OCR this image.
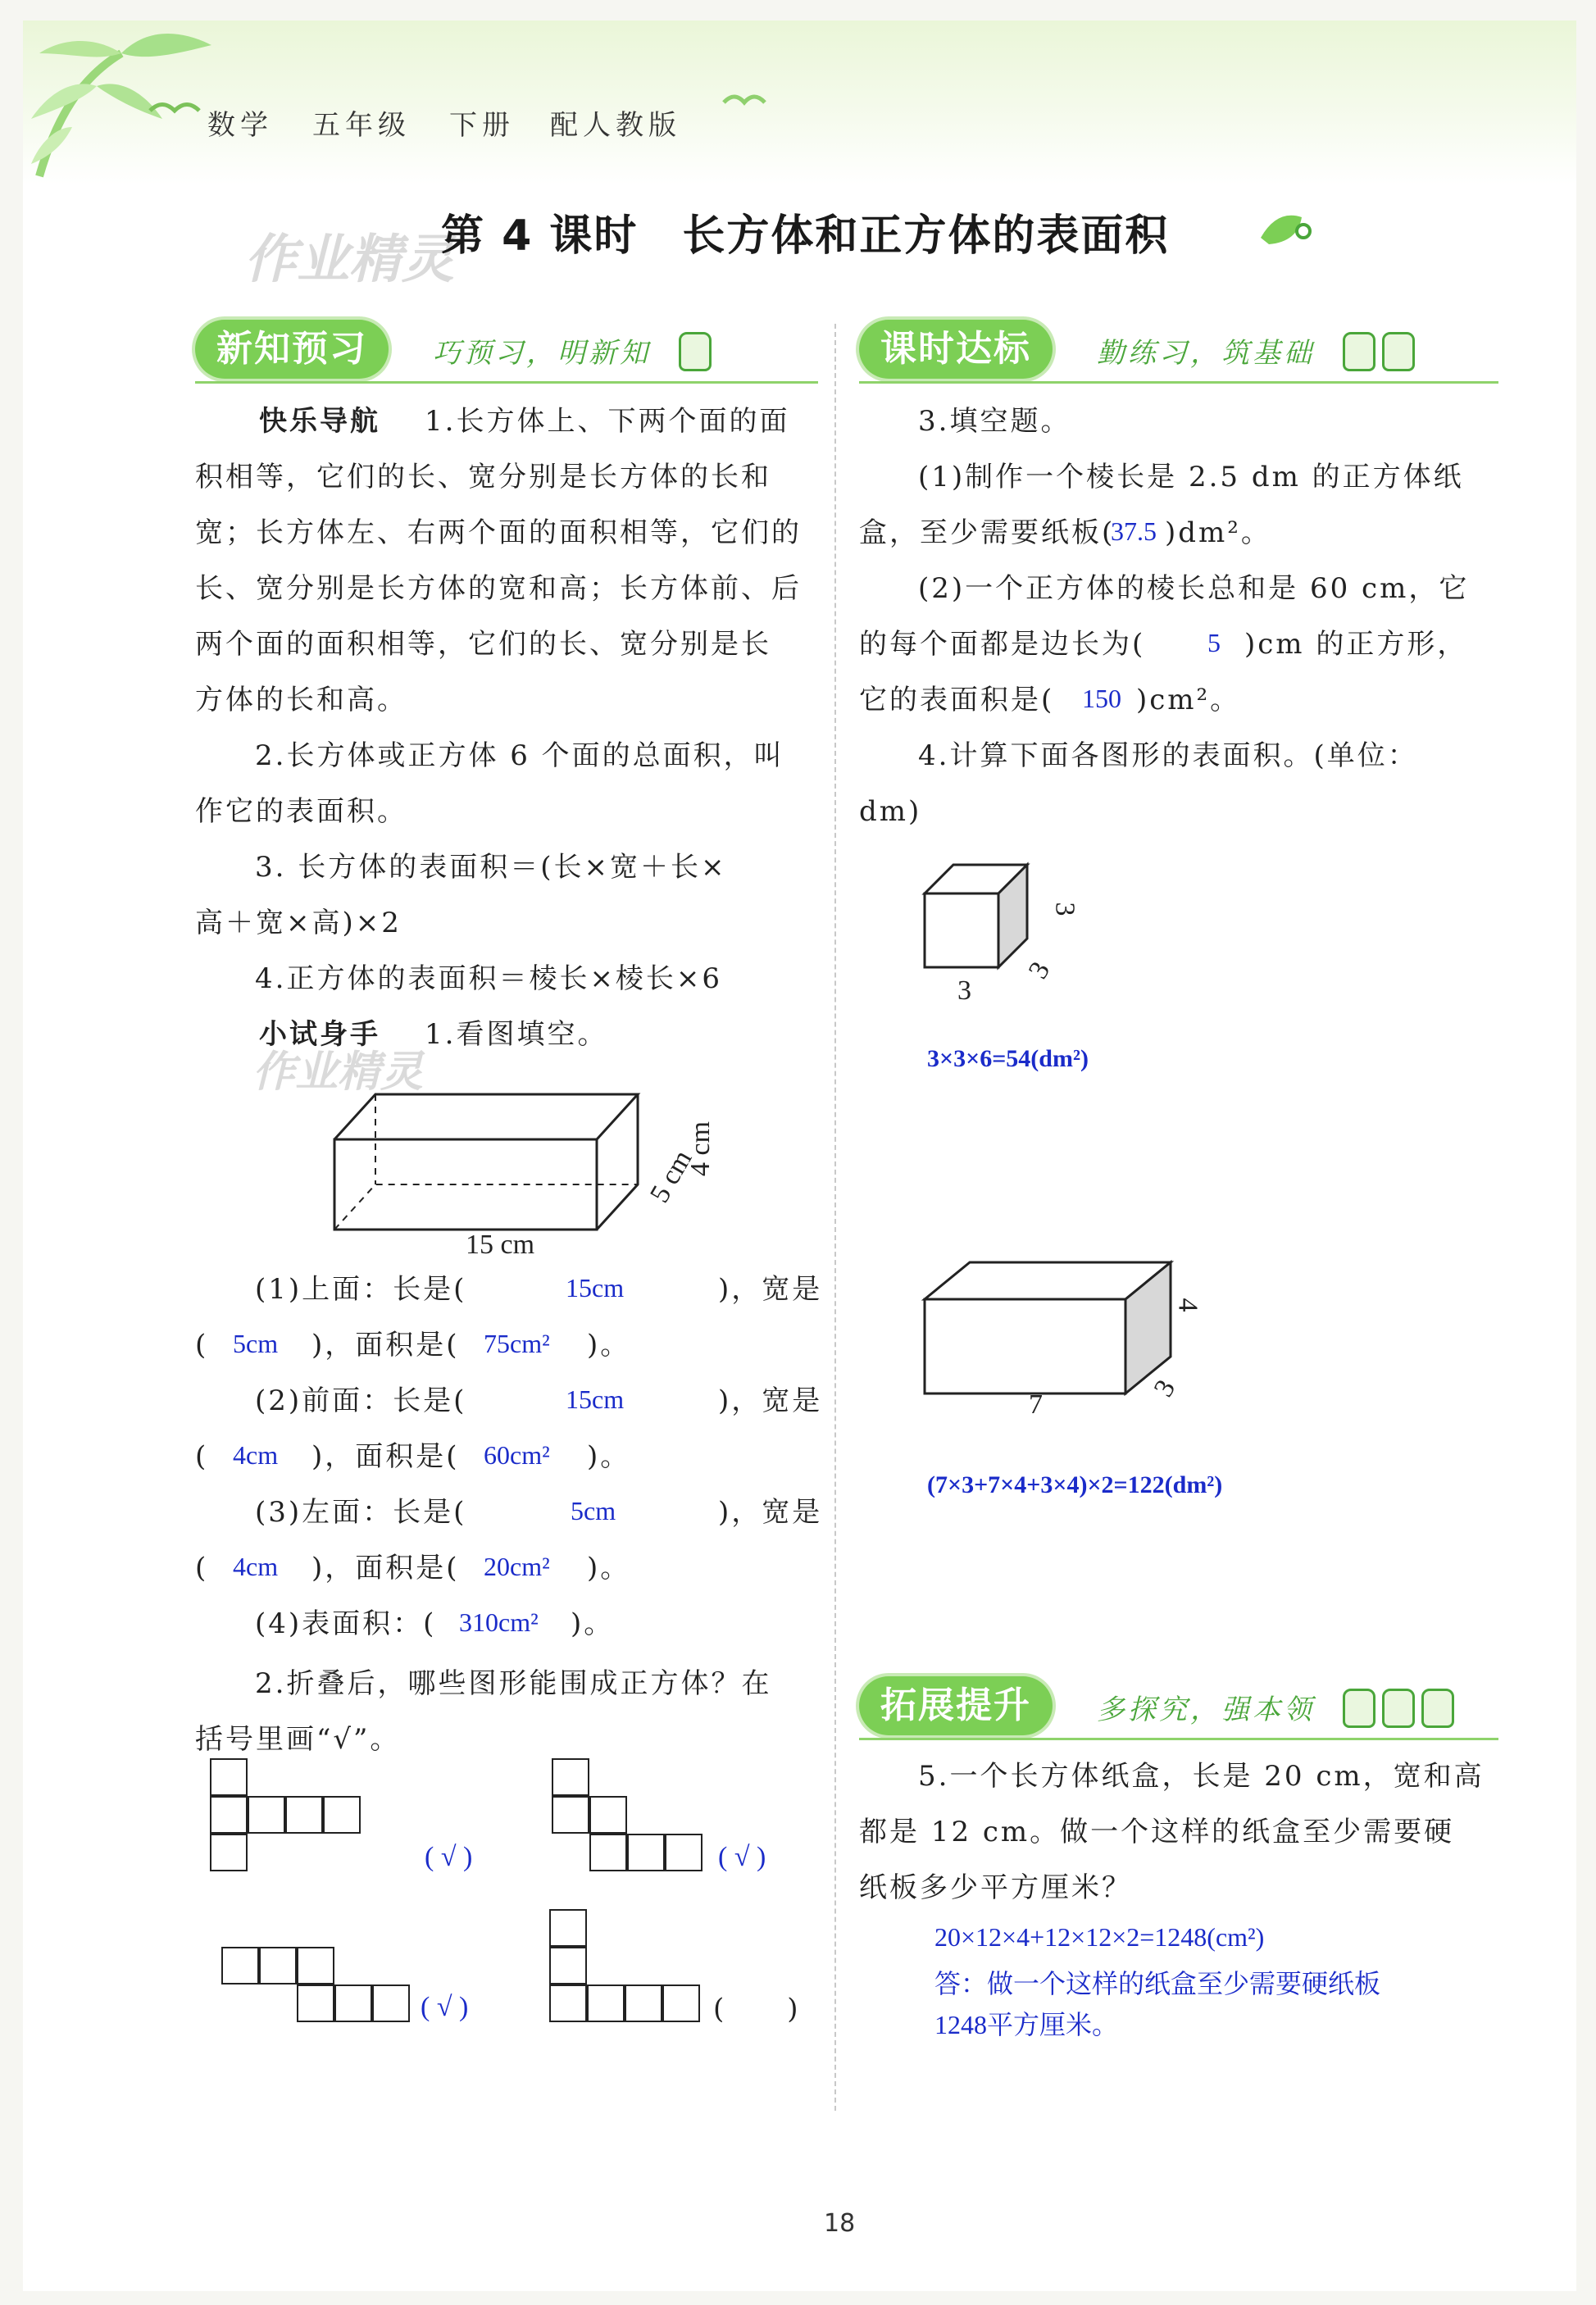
数学 五年级 下册 配人教版
作业精灵
第 4 课时　长方体和正方体的表面积
新知预习	巧预习，明新知
快乐导航 1.长方体上、下两个面的面
积相等，它们的长、宽分别是长方体的长和
宽；长方体左、右两个面的面积相等，它们的
长、宽分别是长方体的宽和高；长方体前、后
两个面的面积相等，它们的长、宽分别是长
方体的长和高。
2.长方体或正方体 6 个面的总面积，叫
作它的表面积。
3. 长方体的表面积＝(长×宽＋长×
高＋宽×高)×2
4.正方体的表面积＝棱长×棱长×6
小试身手 1.看图填空。
作业精灵
15 cm
5 cm
4 cm
(1)上面：长是(	15cm	)，宽是
( 5cm )，面积是( 75cm² )。
(2)前面：长是(	15cm	)，宽是
( 4cm )，面积是( 60cm² )。
(3)左面：长是(	5cm	)，宽是
( 4cm )，面积是( 20cm² )。
(4)表面积：( 310cm² )。
2.折叠后，哪些图形能围成正方体？在
括号里画“√”。
( √ )	( √ )
( √ )	(　　)
课时达标	勤练习，筑基础
3.填空题。
(1)制作一个棱长是 2.5 dm 的正方体纸
盒，至少需要纸板(
37.5 )dm²。
(2)一个正方体的棱长总和是 60 cm，它
的每个面都是边长为( 5 )cm 的正方形，
它的表面积是( 150 )cm²。
4.计算下面各图形的表面积。(单位：
dm)
3
3
3
3×3×6=54(dm²)
7
3
4
(7×3+7×4+3×4)×2=122(dm²)
拓展提升	多探究，强本领
5.一个长方体纸盒，长是 20 cm，宽和高
都是 12 cm。做一个这样的纸盒至少需要硬
纸板多少平方厘米？
20×12×4+12×12×2=1248(cm²)
答：做一个这样的纸盒至少需要硬纸板
1248平方厘米。
18
